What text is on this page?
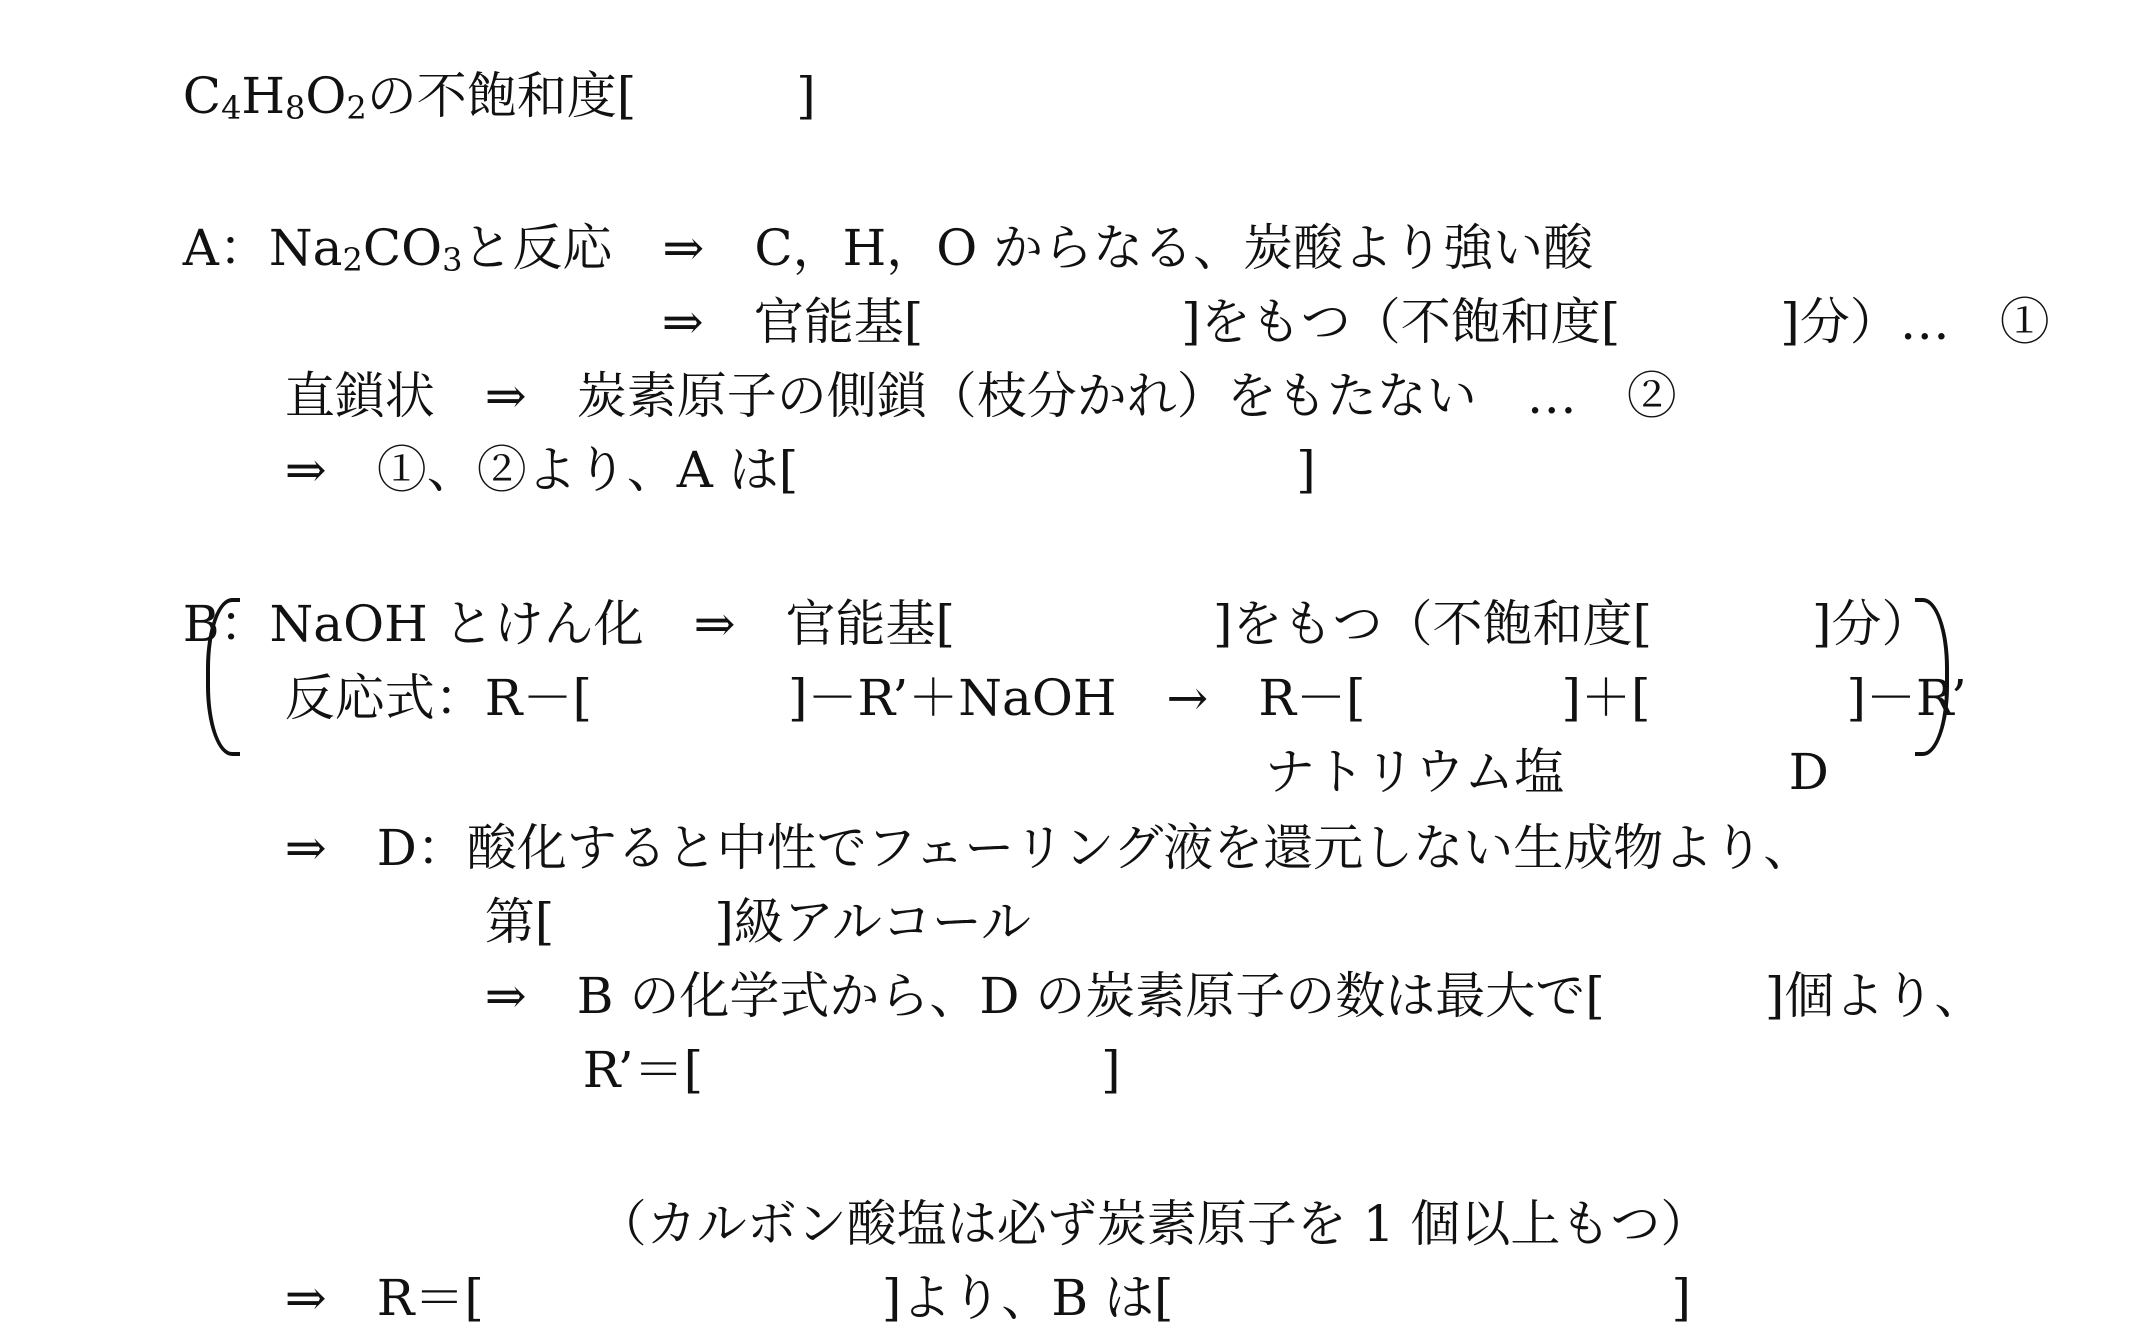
$C_4H_8O_2$の不飽和度[	]

A：$Na_2CO_3$と反応　⇒　C，H，O からなる、炭酸より強い酸

⇒　官能基[	]をもつ（不飽和度[	]分）…　①

直鎖状　⇒　炭素原子の側鎖（枝分かれ）をもたない　…　②

⇒　①、②より、A は[	]

B：NaOH とけん化　⇒　官能基[	]をもつ（不飽和度[	]分）

反応式：R－[	]－R’＋NaOH　→　R－[	]＋[	]－R’

ナトリウム塩	D

⇒　D：酸化すると中性でフェーリング液を還元しない生成物より、

第[	]級アルコール

⇒　B の化学式から、D の炭素原子の数は最大で[	]個より、

R’＝[	]

（カルボン酸塩は必ず炭素原子を 1 個以上もつ）

⇒　R＝[	]より、B は[	]
